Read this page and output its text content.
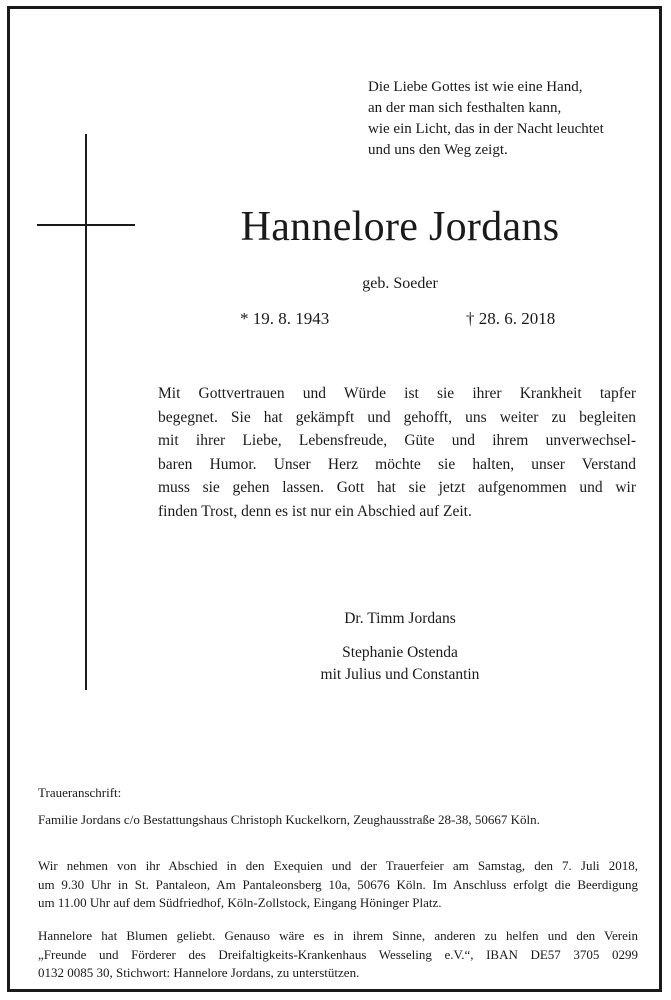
Die Liebe Gottes ist wie eine Hand,
an der man sich festhalten kann,
wie ein Licht, das in der Nacht leuchtet
und uns den Weg zeigt.
Hannelore Jordans
geb. Soeder
* 19. 8. 1943	† 28. 6. 2018
Mit Gottvertrauen und Würde ist sie ihrer Krankheit tapfer
begegnet. Sie hat gekämpft und gehofft, uns weiter zu begleiten
mit ihrer Liebe, Lebensfreude, Güte und ihrem unverwechsel-
baren Humor. Unser Herz möchte sie halten, unser Verstand
muss sie gehen lassen. Gott hat sie jetzt aufgenommen und wir
finden Trost, denn es ist nur ein Abschied auf Zeit.
Dr. Timm Jordans
Stephanie Ostenda
mit Julius und Constantin
Traueranschrift:
Familie Jordans c/o Bestattungshaus Christoph Kuckelkorn, Zeughausstraße 28-38, 50667 Köln.
Wir nehmen von ihr Abschied in den Exequien und der Trauerfeier am Samstag, den 7. Juli 2018,
um 9.30 Uhr in St. Pantaleon, Am Pantaleonsberg 10a, 50676 Köln. Im Anschluss erfolgt die Beerdigung
um 11.00 Uhr auf dem Südfriedhof, Köln-Zollstock, Eingang Höninger Platz.
Hannelore hat Blumen geliebt. Genauso wäre es in ihrem Sinne, anderen zu helfen und den Verein
„Freunde und Förderer des Dreifaltigkeits-Krankenhaus Wesseling e.V.“, IBAN DE57 3705 0299
0132 0085 30, Stichwort: Hannelore Jordans, zu unterstützen.
